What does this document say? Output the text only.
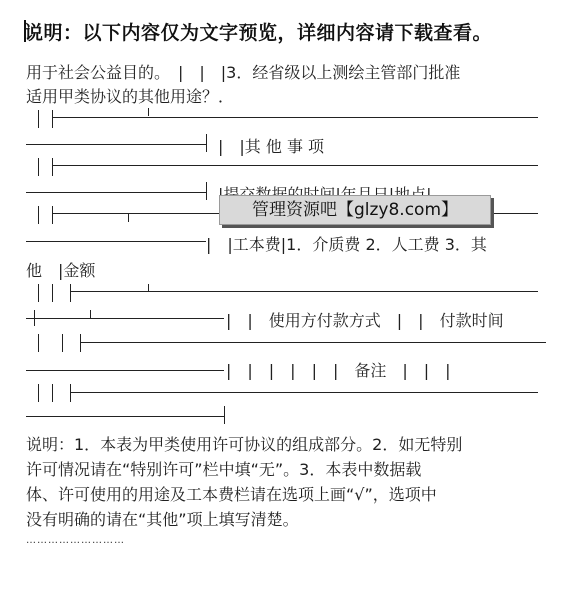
说明：以下内容仅为文字预览，详细内容请下载查看。
用于社会公益目的。　|　|　|3．经省级以上测绘主管部门批准
适用甲类协议的其他用途？．
|　|其 他 事 项
|　|工本费|1．介质费 2．人工费 3．其
他　|金额
|　|　使用方付款方式　|　|　付款时间
|　|　|　|　|　|　备注　|　|　|
说明：1．本表为甲类使用许可协议的组成部分。2．如无特别
许可情况请在“特别许可”栏中填“无”。3．本表中数据载
体、许可使用的用途及工本费栏请在选项上画“√”，选项中
没有明确的请在“其他”项上填写清楚。
………………………
管理资源吧【glzy8.com】
